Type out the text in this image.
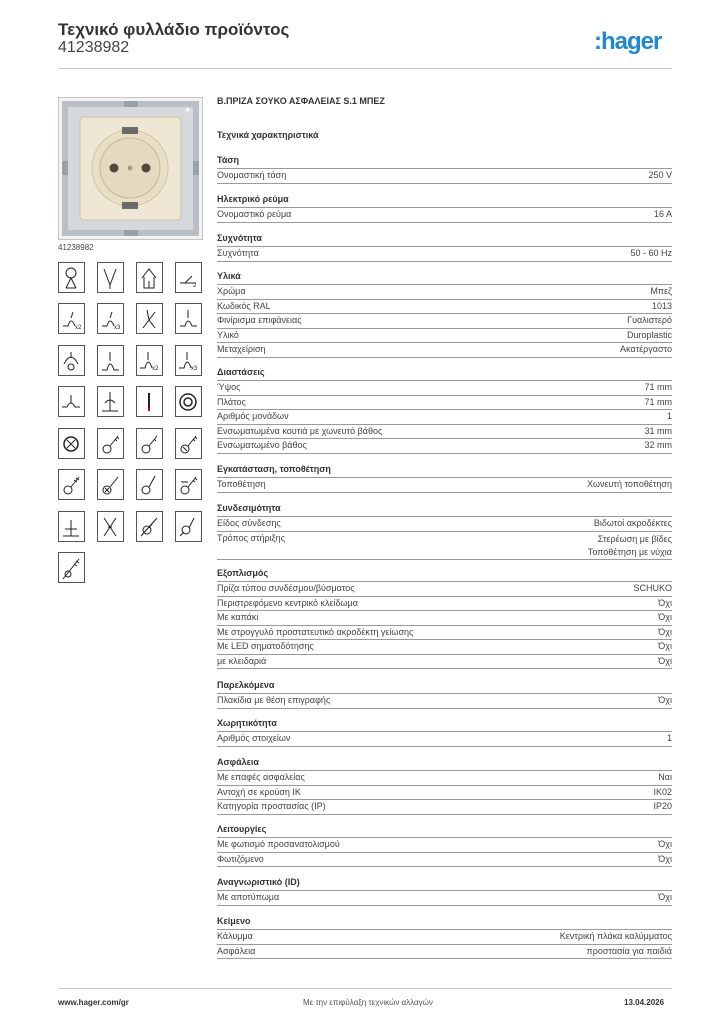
Τεχνικό φυλλάδιο προϊόντος
41238982	:hager
✦
41238982
2
x2	x3
x2	x3
Β.ΠΡΙΖΑ ΣΟΥΚΟ ΑΣΦΑΛΕΙΑΣ S.1 ΜΠΕΖ
Τεχνικά χαρακτηριστικά
Τάση
Ονομαστική τάση	250 V
Ηλεκτρικό ρεύμα
Ονομαστικό ρεύμα	16 A
Συχνότητα
Συχνότητα	50 - 60 Hz
Υλικά
Χρώμα	Μπεζ
Κωδικός RAL	1013
Φινίρισμα επιφάνειας	Γυαλιστερό
Υλικό	Duroplastic
Μεταχείριση	Ακατέργαστο
Διαστάσεις
Ύψος	71 mm
Πλάτος	71 mm
Αριθμός μονάδων	1
Ενσωματωμένα κουτιά με χωνευτό βάθος	31 mm
Ενσωματωμένο βάθος	32 mm
Εγκατάσταση, τοποθέτηση
Τοποθέτηση	Χωνευτή τοποθέτηση
Συνδεσιμότητα
Είδος σύνδεσης	Βιδωτοί ακροδέκτες
Τρόπος στήριξης	Στερέωση με βίδες
Τοποθέτηση με νύχια
Εξοπλισμός
Πρίζα τύπου συνδέσμου/βύσματος	SCHUKO
Περιστρεφόμενο κεντρικό κλείδωμα	Όχι
Με καπάκι	Όχι
Με στρογγυλό προστατευτικό ακροδέκτη γείωσης	Όχι
Με LED σηματοδότησης	Όχι
με κλειδαριά	Όχι
Παρελκόμενα
Πλακίδια με θέση επιγραφής	Όχι
Χωρητικότητα
Αριθμός στοιχείων	1
Ασφάλεια
Με επαφές ασφαλείας	Ναι
Αντοχή σε κρούση ΙΚ	IK02
Κατηγορία προστασίας (IP)	IP20
Λειτουργίες
Με φωτισμό προσανατολισμού	Όχι
Φωτιζόμενο	Όχι
Αναγνωριστικό (ID)
Με αποτύπωμα	Όχι
Κείμενο
Κάλυμμα	Κεντρική πλάκα καλύμματος
Ασφάλεια	προστασία για παιδιά
www.hager.com/gr	Με την επιφύλαξη τεχνικών αλλαγών	13.04.2026
